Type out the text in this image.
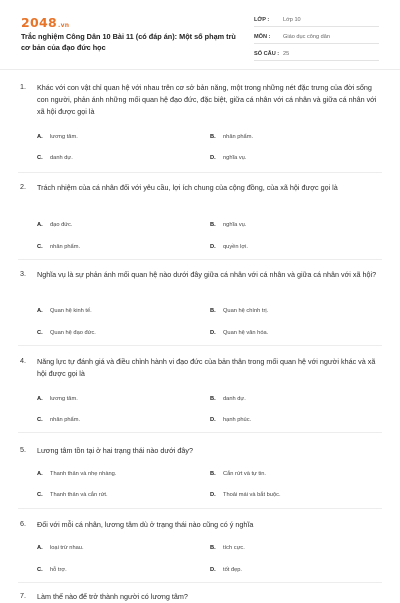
2048.vn
Trắc nghiệm Công Dân 10 Bài 11 (có đáp án): Một số phạm trù cơ bản của đạo đức học
LỚP :	Lớp 10
MÔN :	Giáo dục công dân
SỐ CÂU : 25
1. Khác với con vật chỉ quan hệ với nhau trên cơ sở bản năng, một trong những nét đặc trưng của đời sống con người, phản ánh những mối quan hệ đạo đức, đặc biệt, giữa cá nhân với cá nhân và giữa cá nhân với xã hội được gọi là
A. lương tâm.	B. nhân phẩm.
C. danh dự.	D. nghĩa vụ.
2. Trách nhiệm của cá nhân đối với yêu cầu, lợi ích chung của cộng đồng, của xã hội được gọi là
A. đạo đức.	B. nghĩa vụ.
C. nhân phẩm.	D. quyền lợi.
3. Nghĩa vụ là sự phản ánh mối quan hệ nào dưới đây giữa cá nhân với cá nhân và giữa cá nhân với xã hội?
A. Quan hệ kinh tế.	B. Quan hệ chính trị.
C. Quan hệ đạo đức.	D. Quan hệ văn hóa.
4. Năng lực tự đánh giá và điều chỉnh hành vi đạo đức của bản thân trong mối quan hệ với người khác và xã hội được gọi là
A. lương tâm.	B. danh dự.
C. nhân phẩm.	D. hạnh phúc.
5. Lương tâm tồn tại ở hai trạng thái nào dưới đây?
A. Thanh thản và nhẹ nhàng.	B. Cắn rứt và tự tin.
C. Thanh thản và cắn rứt.	D. Thoải mái và bắt buộc.
6. Đối với mỗi cá nhân, lương tâm dù ở trạng thái nào cũng có ý nghĩa
A. loại trừ nhau.	B. tích cực.
C. hỗ trợ.	D. tốt đẹp.
7. Làm thế nào để trở thành người có lương tâm?
